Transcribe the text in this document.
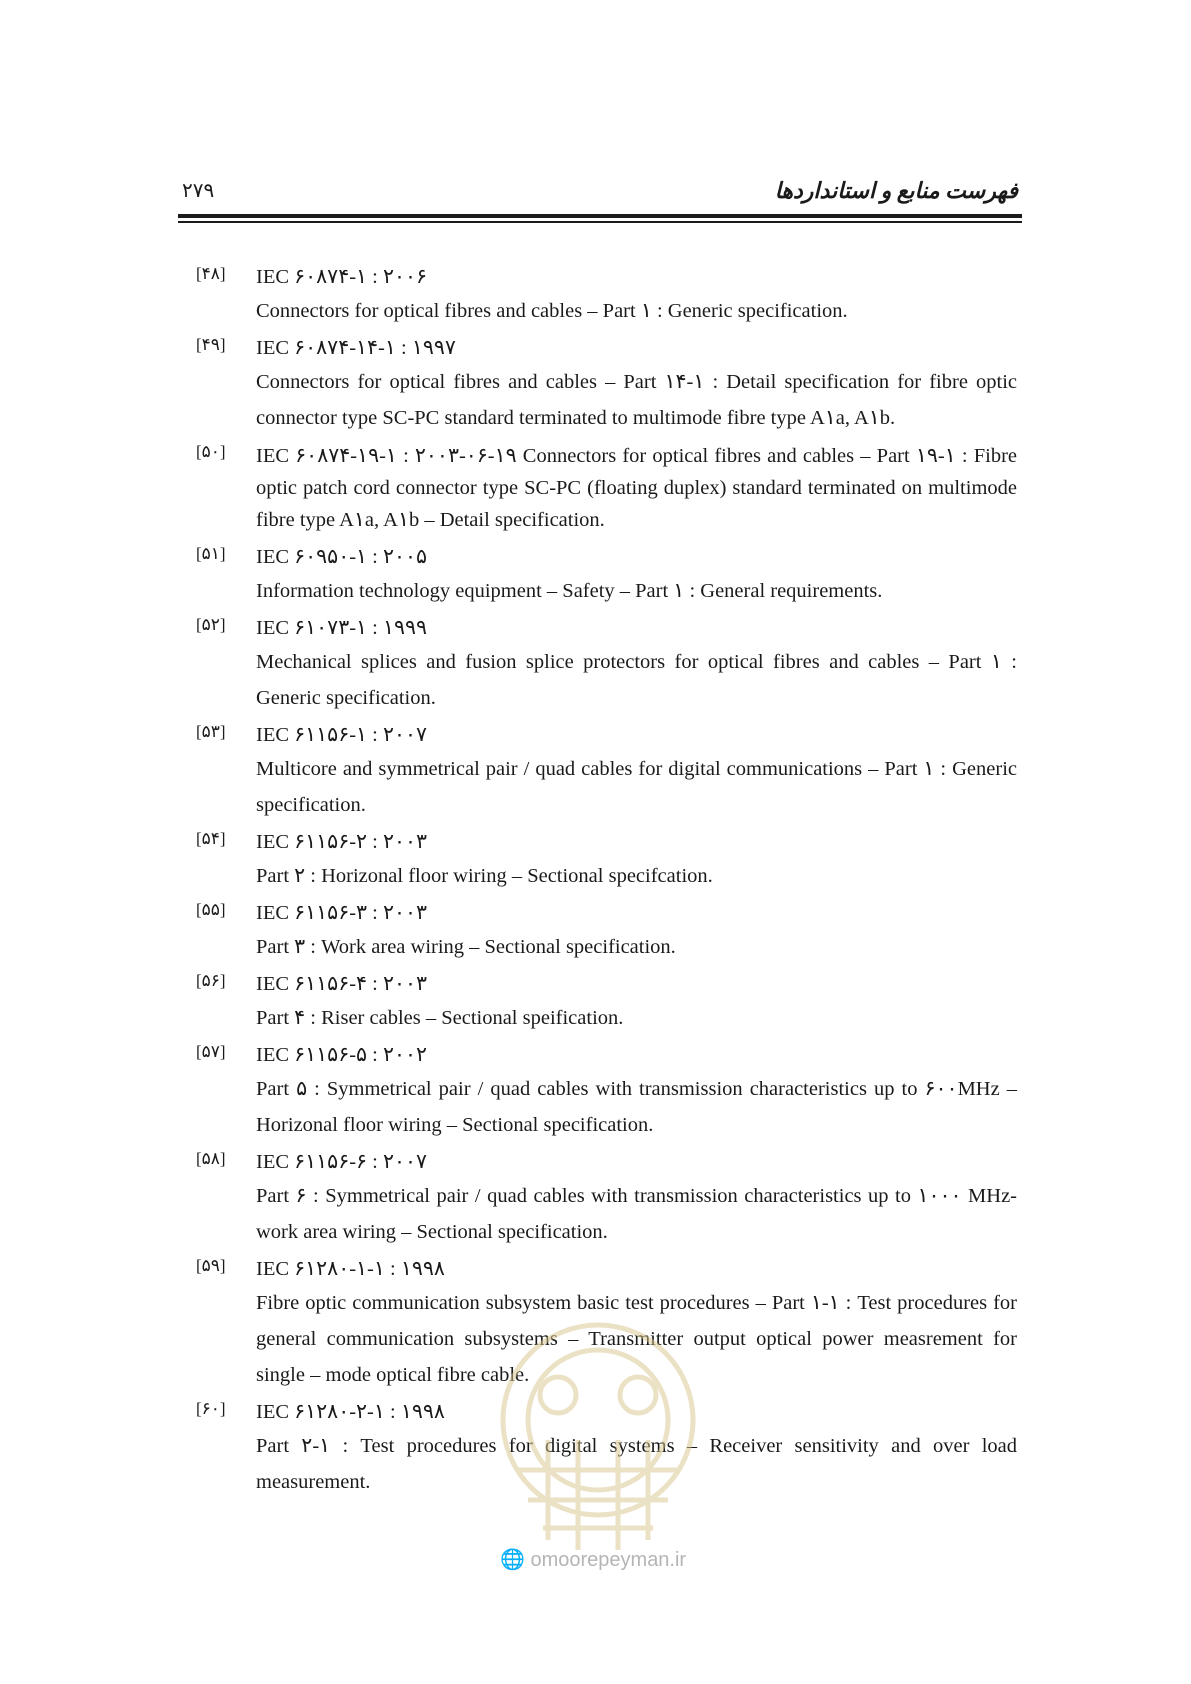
۲۷۹	فهرست منابع و استانداردها
[۴۸]	IEC ۶۰۸۷۴-۱ : ۲۰۰۶
Connectors for optical fibres and cables – Part ۱ : Generic specification.
[۴۹]	IEC ۶۰۸۷۴-۱۴-۱ : ۱۹۹۷
Connectors for optical fibres and cables – Part ۱۴-۱ : Detail specification for fibre optic connector type SC-PC standard terminated to multimode fibre type A۱a, A۱b.
[۵۰]	IEC ۶۰۸۷۴-۱۹-۱ : ۲۰۰۳-۰۶-۱۹ Connectors for optical fibres and cables – Part ۱۹-۱ : Fibre optic patch cord connector type SC-PC (floating duplex) standard terminated on multimode fibre type A۱a, A۱b – Detail specification.
[۵۱]	IEC ۶۰۹۵۰-۱ : ۲۰۰۵
Information technology equipment – Safety – Part ۱ : General requirements.
[۵۲]	IEC ۶۱۰۷۳-۱ : ۱۹۹۹
Mechanical splices and fusion splice protectors for optical fibres and cables – Part ۱ : Generic specification.
[۵۳]	IEC ۶۱۱۵۶-۱ : ۲۰۰۷
Multicore and symmetrical pair / quad cables for digital communications – Part ۱ : Generic specification.
[۵۴]	IEC ۶۱۱۵۶-۲ : ۲۰۰۳
Part ۲ : Horizonal floor wiring – Sectional specifcation.
[۵۵]	IEC ۶۱۱۵۶-۳ : ۲۰۰۳
Part ۳ : Work area wiring – Sectional specification.
[۵۶]	IEC ۶۱۱۵۶-۴ : ۲۰۰۳
Part ۴ : Riser cables – Sectional speification.
[۵۷]	IEC ۶۱۱۵۶-۵ : ۲۰۰۲
Part ۵ : Symmetrical pair / quad cables with transmission characteristics up to ۶۰۰MHz – Horizonal floor wiring – Sectional specification.
[۵۸]	IEC ۶۱۱۵۶-۶ : ۲۰۰۷
Part ۶ : Symmetrical pair / quad cables with transmission characteristics up to ۱۰۰۰ MHz- work area wiring – Sectional specification.
[۵۹]	IEC ۶۱۲۸۰-۱-۱ : ۱۹۹۸
Fibre optic communication subsystem basic test procedures – Part ۱-۱ : Test procedures for general communication subsystems – Transmitter output optical power measrement for single – mode optical fibre cable.
[۶۰]	IEC ۶۱۲۸۰-۲-۱ : ۱۹۹۸
Part ۲-۱ : Test procedures for digital systems – Receiver sensitivity and over load measurement.
🌐 omoorepeyman.ir
